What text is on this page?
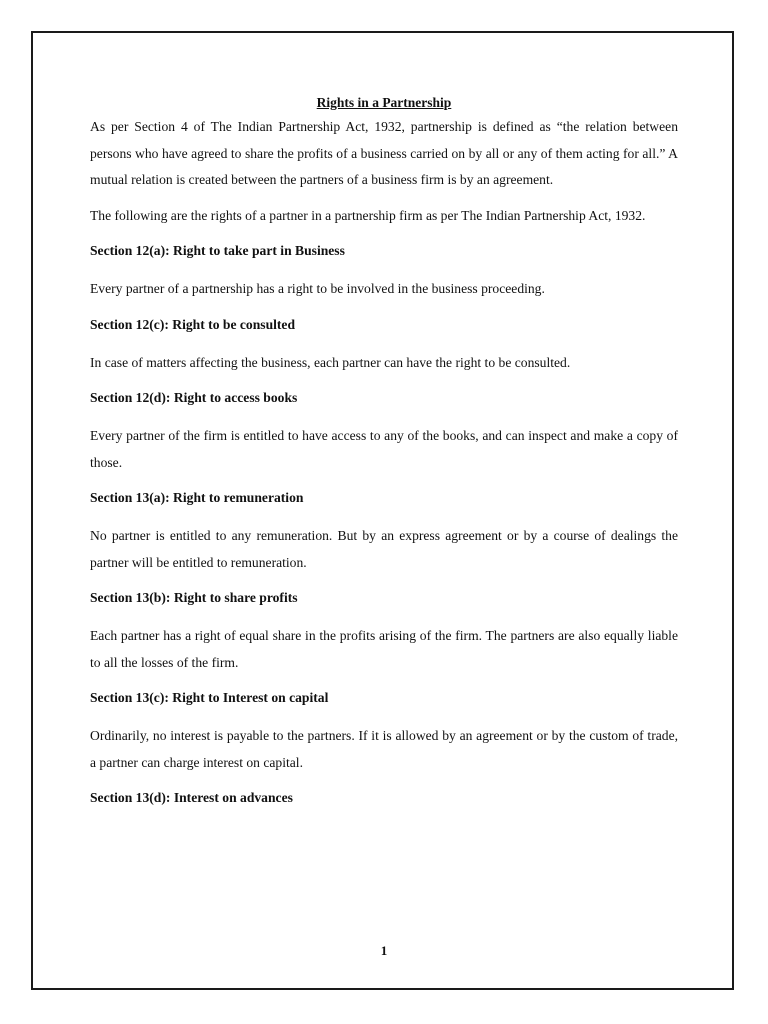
Rights in a Partnership

As per Section 4 of The Indian Partnership Act, 1932, partnership is defined as “the relation between persons who have agreed to share the profits of a business carried on by all or any of them acting for all.” A mutual relation is created between the partners of a business firm is by an agreement.

The following are the rights of a partner in a partnership firm as per The Indian Partnership Act, 1932.

Section 12(a): Right to take part in Business

Every partner of a partnership has a right to be involved in the business proceeding.

Section 12(c): Right to be consulted

In case of matters affecting the business, each partner can have the right to be consulted.

Section 12(d): Right to access books

Every partner of the firm is entitled to have access to any of the books, and can inspect and make a copy of those.

Section 13(a): Right to remuneration

No partner is entitled to any remuneration. But by an express agreement or by a course of dealings the partner will be entitled to remuneration.

Section 13(b): Right to share profits

Each partner has a right of equal share in the profits arising of the firm. The partners are also equally liable to all the losses of the firm.

Section 13(c): Right to Interest on capital

Ordinarily, no interest is payable to the partners. If it is allowed by an agreement or by the custom of trade, a partner can charge interest on capital.

Section 13(d): Interest on advances
1
